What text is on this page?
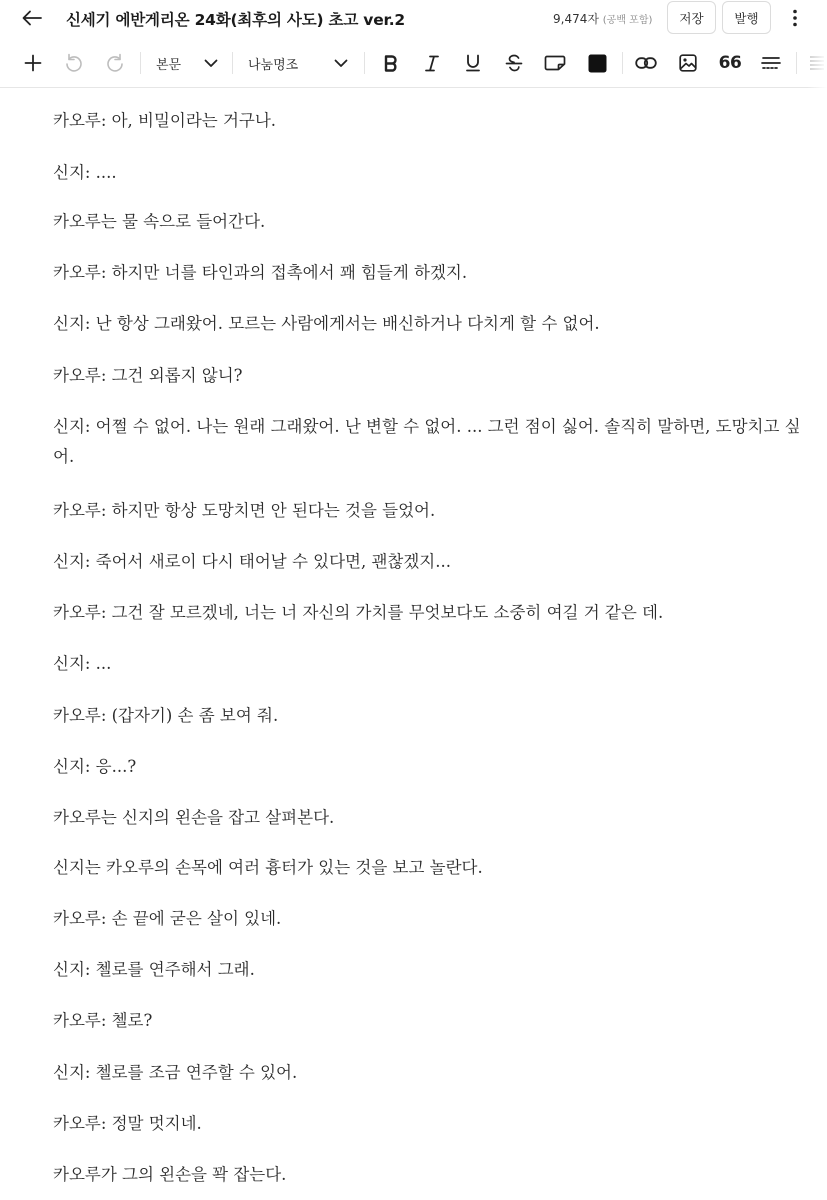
신세기 에반게리온 24화(최후의 사도) 초고 ver.2	9,474자 (공백 포함)	저장	발행
본문	나눔명조	66

카오루: 아, 비밀이라는 거구나.

신지: ....

카오루는 물 속으로 들어간다.

카오루: 하지만 너를 타인과의 접촉에서 꽤 힘들게 하겠지.

신지: 난 항상 그래왔어. 모르는 사람에게서는 배신하거나 다치게 할 수 없어.

카오루: 그건 외롭지 않니?

신지: 어쩔 수 없어. 나는 원래 그래왔어. 난 변할 수 없어. ... 그런 점이 싫어. 솔직히 말하면, 도망치고 싶어.

카오루: 하지만 항상 도망치면 안 된다는 것을 들었어.

신지: 죽어서 새로이 다시 태어날 수 있다면, 괜찮겠지...

카오루: 그건 잘 모르겠네, 너는 너 자신의 가치를 무엇보다도 소중히 여길 거 같은 데.

신지: ...

카오루: (갑자기) 손 좀 보여 줘.

신지: 응...?

카오루는 신지의 왼손을 잡고 살펴본다.

신지는 카오루의 손목에 여러 흉터가 있는 것을 보고 놀란다.

카오루: 손 끝에 굳은 살이 있네.

신지: 첼로를 연주해서 그래.

카오루: 첼로?

신지: 첼로를 조금 연주할 수 있어.

카오루: 정말 멋지네.

카오루가 그의 왼손을 꽉 잡는다.
